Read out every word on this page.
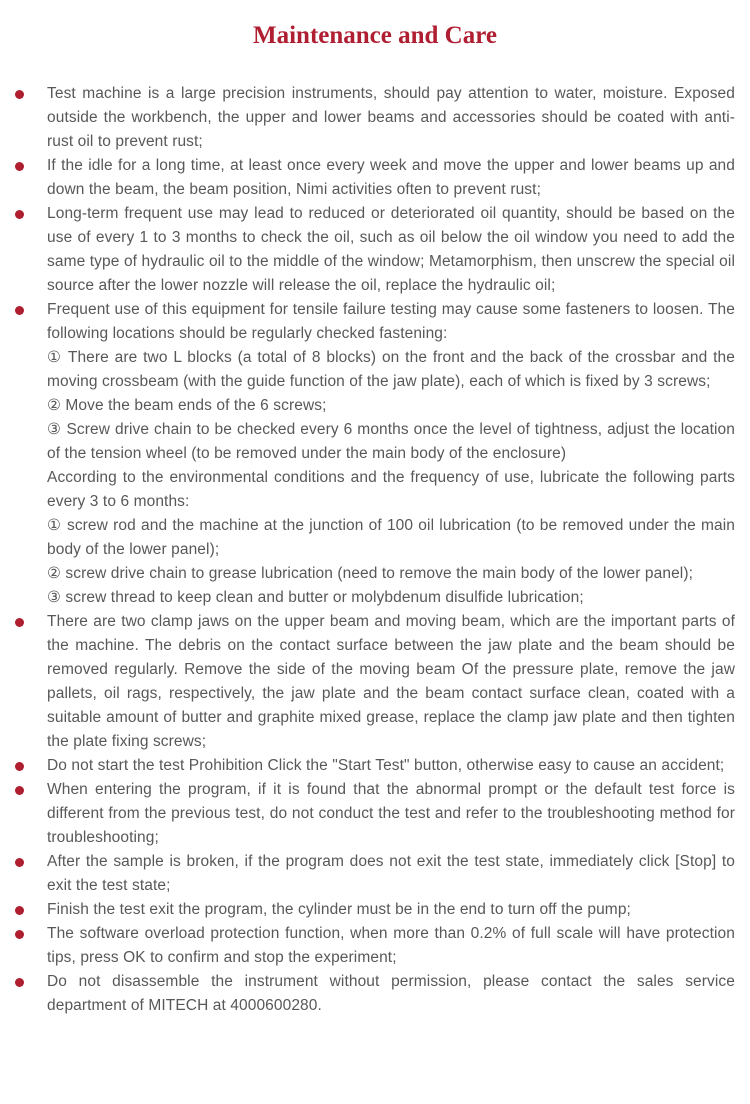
Maintenance and Care
Test machine is a large precision instruments, should pay attention to water, moisture. Exposed outside the workbench, the upper and lower beams and accessories should be coated with anti-rust oil to prevent rust;
If the idle for a long time, at least once every week and move the upper and lower beams up and down the beam, the beam position, Nimi activities often to prevent rust;
Long-term frequent use may lead to reduced or deteriorated oil quantity, should be based on the use of every 1 to 3 months to check the oil, such as oil below the oil window you need to add the same type of hydraulic oil to the middle of the window; Metamorphism, then unscrew the special oil source after the lower nozzle will release the oil, replace the hydraulic oil;
Frequent use of this equipment for tensile failure testing may cause some fasteners to loosen. The following locations should be regularly checked fastening:
① There are two L blocks (a total of 8 blocks) on the front and the back of the crossbar and the moving crossbeam (with the guide function of the jaw plate), each of which is fixed by 3 screws;
② Move the beam ends of the 6 screws;
③ Screw drive chain to be checked every 6 months once the level of tightness, adjust the location of the tension wheel (to be removed under the main body of the enclosure)
According to the environmental conditions and the frequency of use, lubricate the following parts every 3 to 6 months:
① screw rod and the machine at the junction of 100 oil lubrication (to be removed under the main body of the lower panel);
② screw drive chain to grease lubrication (need to remove the main body of the lower panel);
③ screw thread to keep clean and butter or molybdenum disulfide lubrication;
There are two clamp jaws on the upper beam and moving beam, which are the important parts of the machine. The debris on the contact surface between the jaw plate and the beam should be removed regularly. Remove the side of the moving beam Of the pressure plate, remove the jaw pallets, oil rags, respectively, the jaw plate and the beam contact surface clean, coated with a suitable amount of butter and graphite mixed grease, replace the clamp jaw plate and then tighten the plate fixing screws;
Do not start the test Prohibition Click the "Start Test" button, otherwise easy to cause an accident;
When entering the program, if it is found that the abnormal prompt or the default test force is different from the previous test, do not conduct the test and refer to the troubleshooting method for troubleshooting;
After the sample is broken, if the program does not exit the test state, immediately click [Stop] to exit the test state;
Finish the test exit the program, the cylinder must be in the end to turn off the pump;
The software overload protection function, when more than 0.2% of full scale will have protection tips, press OK to confirm and stop the experiment;
Do not disassemble the instrument without permission, please contact the sales service department of MITECH at 4000600280.
